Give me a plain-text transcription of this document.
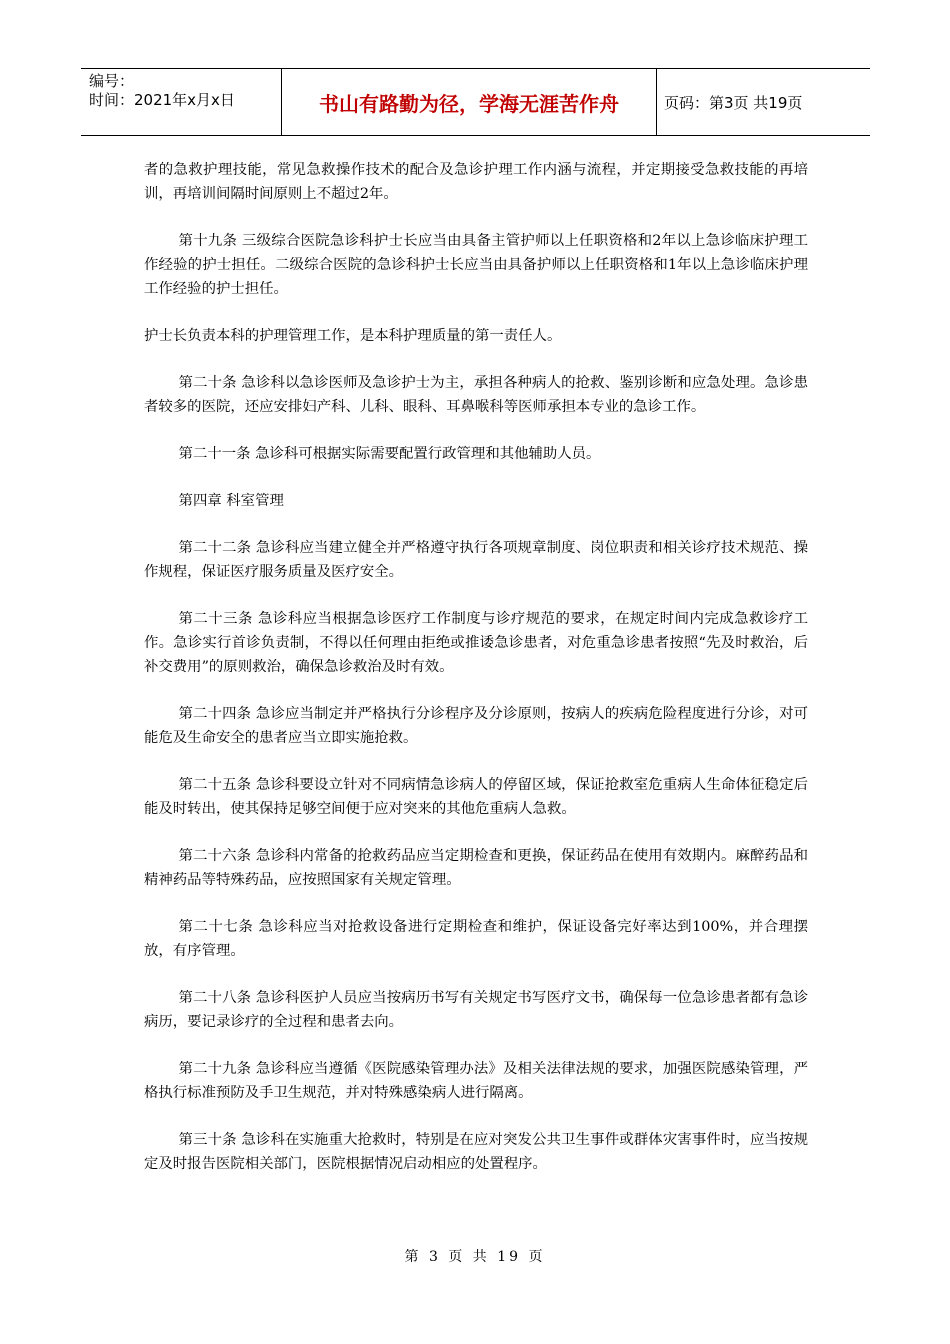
编号：
时间：2021年x月x日	书山有路勤为径，学海无涯苦作舟	页码：第3页 共19页

者的急救护理技能，常见急救操作技术的配合及急诊护理工作内涵与流程，并定期接受急救技能的再培训，再培训间隔时间原则上不超过2年。

第十九条 三级综合医院急诊科护士长应当由具备主管护师以上任职资格和2年以上急诊临床护理工作经验的护士担任。二级综合医院的急诊科护士长应当由具备护师以上任职资格和1年以上急诊临床护理工作经验的护士担任。

护士长负责本科的护理管理工作，是本科护理质量的第一责任人。

第二十条 急诊科以急诊医师及急诊护士为主，承担各种病人的抢救、鉴别诊断和应急处理。急诊患者较多的医院，还应安排妇产科、儿科、眼科、耳鼻喉科等医师承担本专业的急诊工作。

第二十一条 急诊科可根据实际需要配置行政管理和其他辅助人员。

第四章 科室管理

第二十二条 急诊科应当建立健全并严格遵守执行各项规章制度、岗位职责和相关诊疗技术规范、操作规程，保证医疗服务质量及医疗安全。

第二十三条 急诊科应当根据急诊医疗工作制度与诊疗规范的要求，在规定时间内完成急救诊疗工作。急诊实行首诊负责制，不得以任何理由拒绝或推诿急诊患者，对危重急诊患者按照“先及时救治，后补交费用”的原则救治，确保急诊救治及时有效。

第二十四条 急诊应当制定并严格执行分诊程序及分诊原则，按病人的疾病危险程度进行分诊，对可能危及生命安全的患者应当立即实施抢救。

第二十五条 急诊科要设立针对不同病情急诊病人的停留区域，保证抢救室危重病人生命体征稳定后能及时转出，使其保持足够空间便于应对突来的其他危重病人急救。

第二十六条 急诊科内常备的抢救药品应当定期检查和更换，保证药品在使用有效期内。麻醉药品和精神药品等特殊药品，应按照国家有关规定管理。

第二十七条 急诊科应当对抢救设备进行定期检查和维护，保证设备完好率达到100%，并合理摆放，有序管理。

第二十八条 急诊科医护人员应当按病历书写有关规定书写医疗文书，确保每一位急诊患者都有急诊病历，要记录诊疗的全过程和患者去向。

第二十九条 急诊科应当遵循《医院感染管理办法》及相关法律法规的要求，加强医院感染管理，严格执行标准预防及手卫生规范，并对特殊感染病人进行隔离。

第三十条 急诊科在实施重大抢救时，特别是在应对突发公共卫生事件或群体灾害事件时，应当按规定及时报告医院相关部门，医院根据情况启动相应的处置程序。

第 3 页 共 19 页
